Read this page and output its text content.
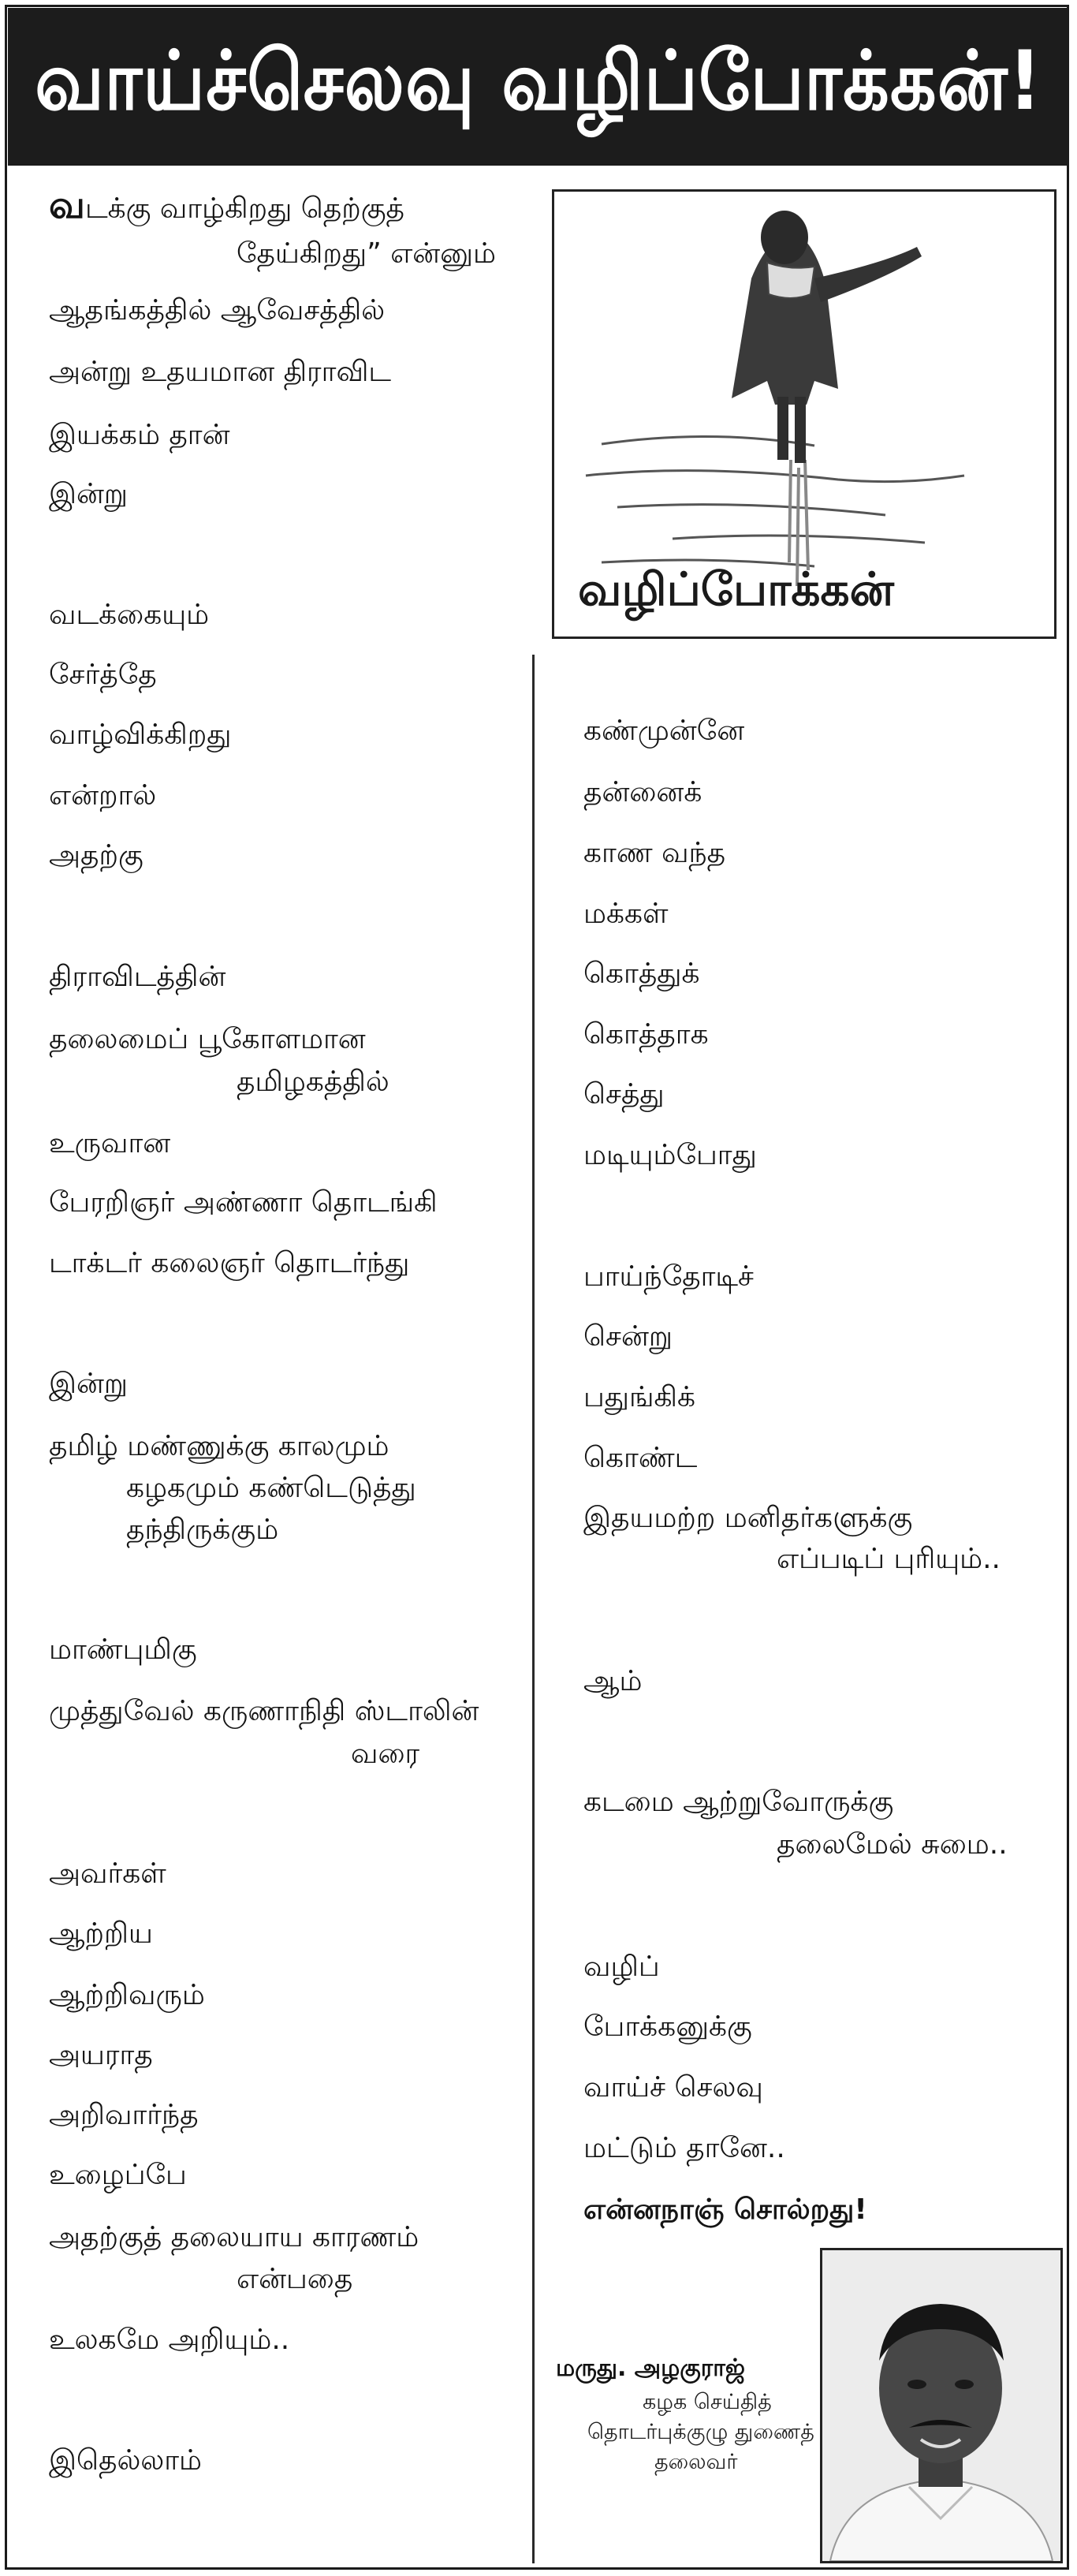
வாய்ச்செலவு வழிப்போக்கன்!
வழிப்போக்கன்
வடக்கு வாழ்கிறது தெற்குத்
தேய்கிறது” என்னும்
ஆதங்கத்தில் ஆவேசத்தில்
அன்று உதயமான திராவிட
இயக்கம் தான்
இன்று
வடக்கையும்
சேர்த்தே
வாழ்விக்கிறது
என்றால்
அதற்கு
திராவிடத்தின்
தலைமைப் பூகோளமான
தமிழகத்தில்
உருவான
பேரறிஞர் அண்ணா தொடங்கி
டாக்டர் கலைஞர் தொடர்ந்து
இன்று
தமிழ் மண்ணுக்கு காலமும்
கழகமும் கண்டெடுத்து
தந்திருக்கும்
மாண்புமிகு
முத்துவேல் கருணாநிதி ஸ்டாலின்
வரை
அவர்கள்
ஆற்றிய
ஆற்றிவரும்
அயராத
அறிவார்ந்த
உழைப்பே
அதற்குத் தலையாய காரணம்
என்பதை
உலகமே அறியும்..
இதெல்லாம்
கண்முன்னே
தன்னைக்
காண வந்த
மக்கள்
கொத்துக்
கொத்தாக
செத்து
மடியும்போது
பாய்ந்தோடிச்
சென்று
பதுங்கிக்
கொண்ட
இதயமற்ற மனிதர்களுக்கு
எப்படிப் புரியும்..
ஆம்
கடமை ஆற்றுவோருக்கு
தலைமேல் சுமை..
வழிப்
போக்கனுக்கு
வாய்ச் செலவு
மட்டும் தானே..
என்னநாஞ் சொல்றது!
மருது. அழகுராஜ்
கழக செய்தித்
தொடர்புக்குழு துணைத்
தலைவர்
